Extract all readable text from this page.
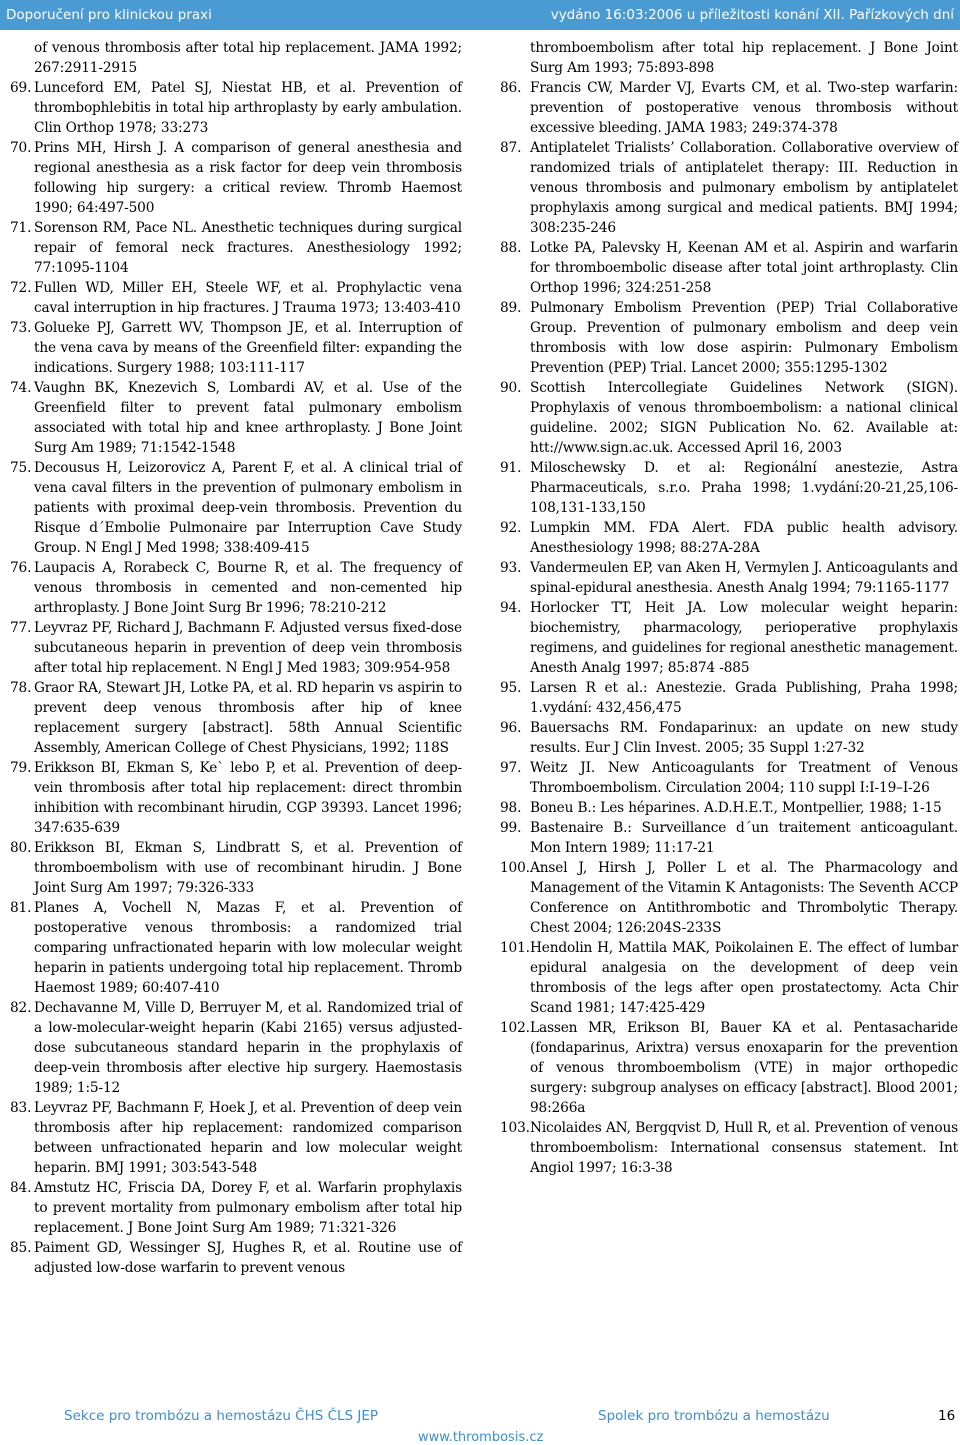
Doporučení pro klinickou praxi	vydáno 16:03:2006 u příležitosti konání XII. Pařízkových dní
of venous thrombosis after total hip replacement. JAMA 1992; 267:2911-2915
69. Lunceford EM, Patel SJ, Niestat HB, et al. Prevention of thrombophlebitis in total hip arthroplasty by early ambulation. Clin Orthop 1978; 33:273
70. Prins MH, Hirsh J. A comparison of general anesthesia and regional anesthesia as a risk factor for deep vein thrombosis following hip surgery: a critical review. Thromb Haemost 1990; 64:497-500
71. Sorenson RM, Pace NL. Anesthetic techniques during surgical repair of femoral neck fractures. Anesthesiology 1992; 77:1095-1104
72. Fullen WD, Miller EH, Steele WF, et al. Prophylactic vena caval interruption in hip fractures. J Trauma 1973; 13:403-410
73. Golueke PJ, Garrett WV, Thompson JE, et al. Interruption of the vena cava by means of the Greenfield filter: expanding the indications. Surgery 1988; 103:111-117
74. Vaughn BK, Knezevich S, Lombardi AV, et al. Use of the Greenfield filter to prevent fatal pulmonary embolism associated with total hip and knee arthroplasty. J Bone Joint Surg Am 1989; 71:1542-1548
75. Decousus H, Leizorovicz A, Parent F, et al. A clinical trial of vena caval filters in the prevention of pulmonary embolism in patients with proximal deep-vein thrombosis. Prevention du Risque d´Embolie Pulmonaire par Interruption Cave Study Group. N Engl J Med 1998; 338:409-415
76. Laupacis A, Rorabeck C, Bourne R, et al. The frequency of venous thrombosis in cemented and non-cemented hip arthroplasty. J Bone Joint Surg Br 1996; 78:210-212
77. Leyvraz PF, Richard J, Bachmann F. Adjusted versus fixed-dose subcutaneous heparin in prevention of deep vein thrombosis after total hip replacement. N Engl J Med 1983; 309:954-958
78. Graor RA, Stewart JH, Lotke PA, et al. RD heparin vs aspirin to prevent deep venous thrombosis after hip of knee replacement surgery [abstract]. 58th Annual Scientific Assembly, American College of Chest Physicians, 1992; 118S
79. Erikkson BI, Ekman S, Ke` lebo P, et al. Prevention of deep-vein thrombosis after total hip replacement: direct thrombin inhibition with recombinant hirudin, CGP 39393. Lancet 1996; 347:635-639
80. Erikkson BI, Ekman S, Lindbratt S, et al. Prevention of thromboembolism with use of recombinant hirudin. J Bone Joint Surg Am 1997; 79:326-333
81. Planes A, Vochell N, Mazas F, et al. Prevention of postoperative venous thrombosis: a randomized trial comparing unfractionated heparin with low molecular weight heparin in patients undergoing total hip replacement. Thromb Haemost 1989; 60:407-410
82. Dechavanne M, Ville D, Berruyer M, et al. Randomized trial of a low-molecular-weight heparin (Kabi 2165) versus adjusted-dose subcutaneous standard heparin in the prophylaxis of deep-vein thrombosis after elective hip surgery. Haemostasis 1989; 1:5-12
83. Leyvraz PF, Bachmann F, Hoek J, et al. Prevention of deep vein thrombosis after hip replacement: randomized comparison between unfractionated heparin and low molecular weight heparin. BMJ 1991; 303:543-548
84. Amstutz HC, Friscia DA, Dorey F, et al. Warfarin prophylaxis to prevent mortality from pulmonary embolism after total hip replacement. J Bone Joint Surg Am 1989; 71:321-326
85. Paiment GD, Wessinger SJ, Hughes R, et al. Routine use of adjusted low-dose warfarin to prevent venous
thromboembolism after total hip replacement. J Bone Joint Surg Am 1993; 75:893-898
86. Francis CW, Marder VJ, Evarts CM, et al. Two-step warfarin: prevention of postoperative venous thrombosis without excessive bleeding. JAMA 1983; 249:374-378
87. Antiplatelet Trialists’ Collaboration. Collaborative overview of randomized trials of antiplatelet therapy: III. Reduction in venous thrombosis and pulmonary embolism by antiplatelet prophylaxis among surgical and medical patients. BMJ 1994; 308:235-246
88. Lotke PA, Palevsky H, Keenan AM et al. Aspirin and warfarin for thromboembolic disease after total joint arthroplasty. Clin Orthop 1996; 324:251-258
89. Pulmonary Embolism Prevention (PEP) Trial Collaborative Group. Prevention of pulmonary embolism and deep vein thrombosis with low dose aspirin: Pulmonary Embolism Prevention (PEP) Trial. Lancet 2000; 355:1295-1302
90. Scottish Intercollegiate Guidelines Network (SIGN). Prophylaxis of venous thromboembolism: a national clinical guideline. 2002; SIGN Publication No. 62. Available at: htt://www.sign.ac.uk. Accessed April 16, 2003
91. Miloschewsky D. et al: Regionální anestezie, Astra Pharmaceuticals, s.r.o. Praha 1998; 1.vydání:20-21,25,106-108,131-133,150
92. Lumpkin MM. FDA Alert. FDA public health advisory. Anesthesiology 1998; 88:27A-28A
93. Vandermeulen EP, van Aken H, Vermylen J. Anticoagulants and spinal-epidural anesthesia. Anesth Analg 1994; 79:1165-1177
94. Horlocker TT, Heit JA. Low molecular weight heparin: biochemistry, pharmacology, perioperative prophylaxis regimens, and guidelines for regional anesthetic management. Anesth Analg 1997; 85:874 -885
95. Larsen R et al.: Anestezie. Grada Publishing, Praha 1998; 1.vydání: 432,456,475
96. Bauersachs RM. Fondaparinux: an update on new study results. Eur J Clin Invest. 2005; 35 Suppl 1:27-32
97. Weitz JI. New Anticoagulants for Treatment of Venous Thromboembolism. Circulation 2004; 110 suppl I:I-19–I-26
98. Boneu B.: Les héparines. A.D.H.E.T., Montpellier, 1988; 1-15
99. Bastenaire B.: Surveillance d´un traitement anticoagulant. Mon Intern 1989; 11:17-21
100. Ansel J, Hirsh J, Poller L et al. The Pharmacology and Management of the Vitamin K Antagonists: The Seventh ACCP Conference on Antithrombotic and Thrombolytic Therapy. Chest 2004; 126:204S-233S
101. Hendolin H, Mattila MAK, Poikolainen E. The effect of lumbar epidural analgesia on the development of deep vein thrombosis of the legs after open prostatectomy. Acta Chir Scand 1981; 147:425-429
102. Lassen MR, Erikson BI, Bauer KA et al. Pentasacharide (fondaparinus, Arixtra) versus enoxaparin for the prevention of venous thromboembolism (VTE) in major orthopedic surgery: subgroup analyses on efficacy [abstract]. Blood 2001; 98:266a
103. Nicolaides AN, Bergqvist D, Hull R, et al. Prevention of venous thromboembolism: International consensus statement. Int Angiol 1997; 16:3-38
Sekce pro trombózu a hemostázu ČHS ČLS JEP	Spolek pro trombózu a hemostázu	16
www.thrombosis.cz
